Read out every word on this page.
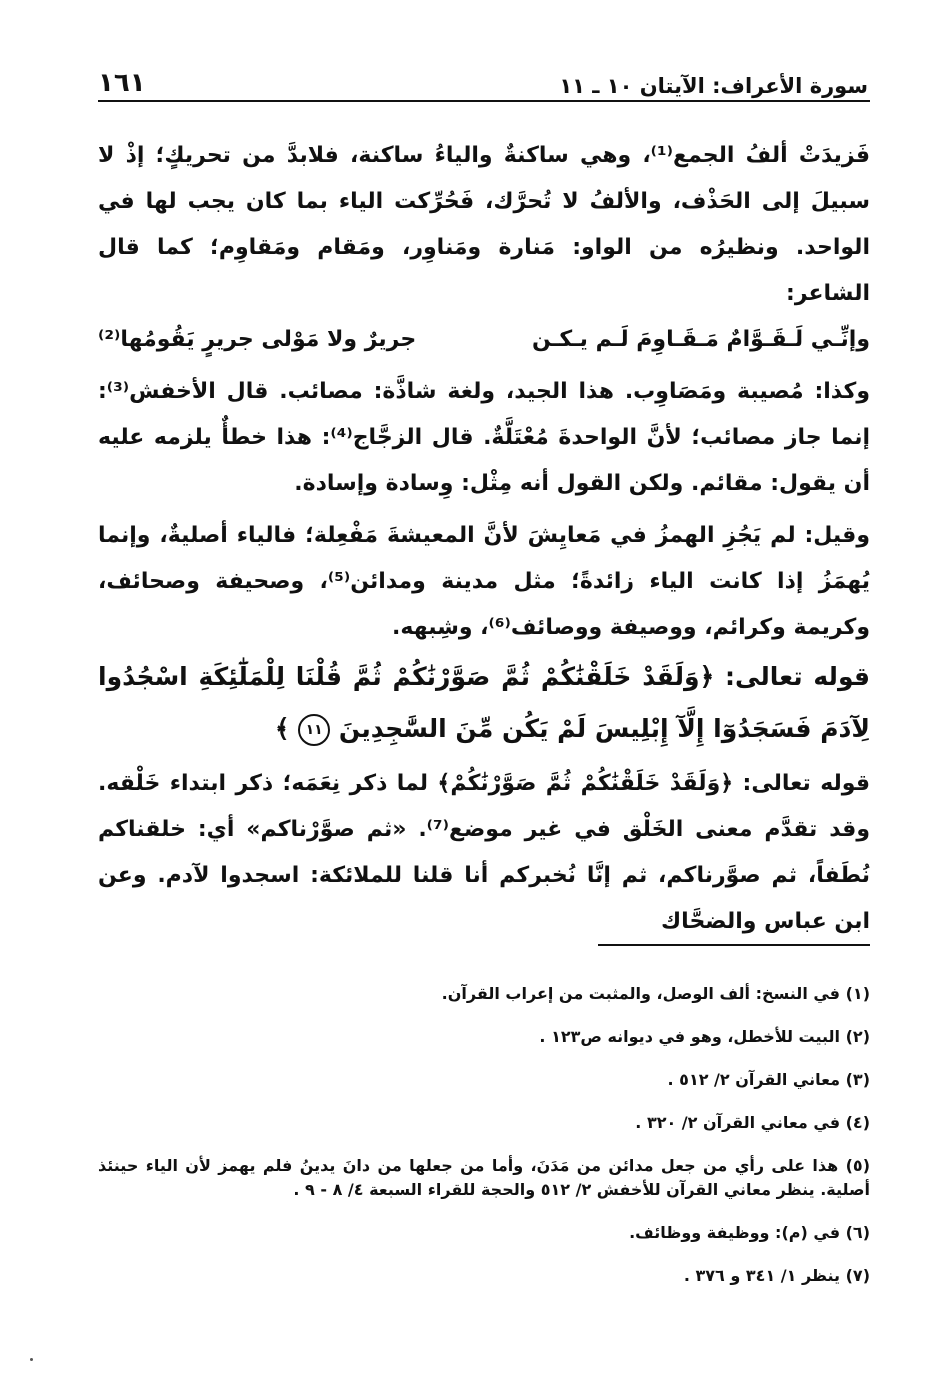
سورة الأعراف: الآيتان ١٠ ـ ١١
١٦١

فَزيدَتْ ألفُ الجمع⁽¹⁾، وهي ساكنةٌ والياءُ ساكنة، فلابدَّ من تحريكٍ؛ إذْ لا سبيلَ إلى الحَذْف، والألفُ لا تُحرَّك، فَحُرِّكت الياء بما كان يجب لها في الواحد. ونظيرُه من الواو: مَنارة ومَناوِر، ومَقام ومَقاوِم؛ كما قال الشاعر:

وإنِّـي لَـقَـوَّامٌ مَـقَـاوِمَ لَـم يـكـن
جريرٌ ولا مَوْلى جريرٍ يَقُومُها⁽²⁾

وكذا: مُصيبة ومَصَاوِب. هذا الجيد، ولغة شاذَّة: مصائب. قال الأخفش⁽³⁾: إنما جاز مصائب؛ لأنَّ الواحدةَ مُعْتَلَّةٌ. قال الزجَّاج⁽⁴⁾: هذا خطأٌ يلزمه عليه أن يقول: مقائم. ولكن القول أنه مِثْل: وِسادة وإسادة.

وقيل: لم يَجُزِ الهمزُ في مَعايِشَ لأنَّ المعيشةَ مَفْعِلة؛ فالياء أصليةٌ، وإنما يُهمَزُ إذا كانت الياء زائدةً؛ مثل مدينة ومدائن⁽⁵⁾، وصحيفة وصحائف، وكريمة وكرائم، ووصيفة ووصائف⁽⁶⁾، وشِبهه.

قوله تعالى: ﴿وَلَقَدْ خَلَقْنَٰكُمْ ثُمَّ صَوَّرْنَٰكُمْ ثُمَّ قُلْنَا لِلْمَلَٰٓئِكَةِ اسْجُدُوا لِآدَمَ فَسَجَدُوٓا إِلَّآ إِبْلِيسَ لَمْ يَكُن مِّنَ السَّٰجِدِينَ ١١ ﴾

قوله تعالى: ﴿وَلَقَدْ خَلَقْنَٰكُمْ ثُمَّ صَوَّرْنَٰكُمْ﴾ لما ذكر نِعَمَه؛ ذكر ابتداء خَلْقه. وقد تقدَّم معنى الخَلْق في غير موضع⁽⁷⁾. «ثم صوَّرْناكم» أي: خلقناكم نُطَفاً، ثم صوَّرناكم، ثم إنَّا نُخبركم أنا قلنا للملائكة: اسجدوا لآدم. وعن ابن عباس والضحَّاك

(١) في النسخ: ألف الوصل، والمثبت من إعراب القرآن.
(٢) البيت للأخطل، وهو في ديوانه ص١٢٣ .
(٣) معاني القرآن ٢/ ٥١٢ .
(٤) في معاني القرآن ٢/ ٣٢٠ .
(٥) هذا على رأي من جعل مدائن من مَدَنَ، وأما من جعلها من دانَ يدينُ فلم يهمز لأن الياء حينئذ أصلية. ينظر معاني القرآن للأخفش ٢/ ٥١٢ والحجة للقراء السبعة ٤/ ٨ - ٩ .
(٦) في (م): ووظيفة ووظائف.
(٧) ينظر ١/ ٣٤١ و ٣٧٦ .
